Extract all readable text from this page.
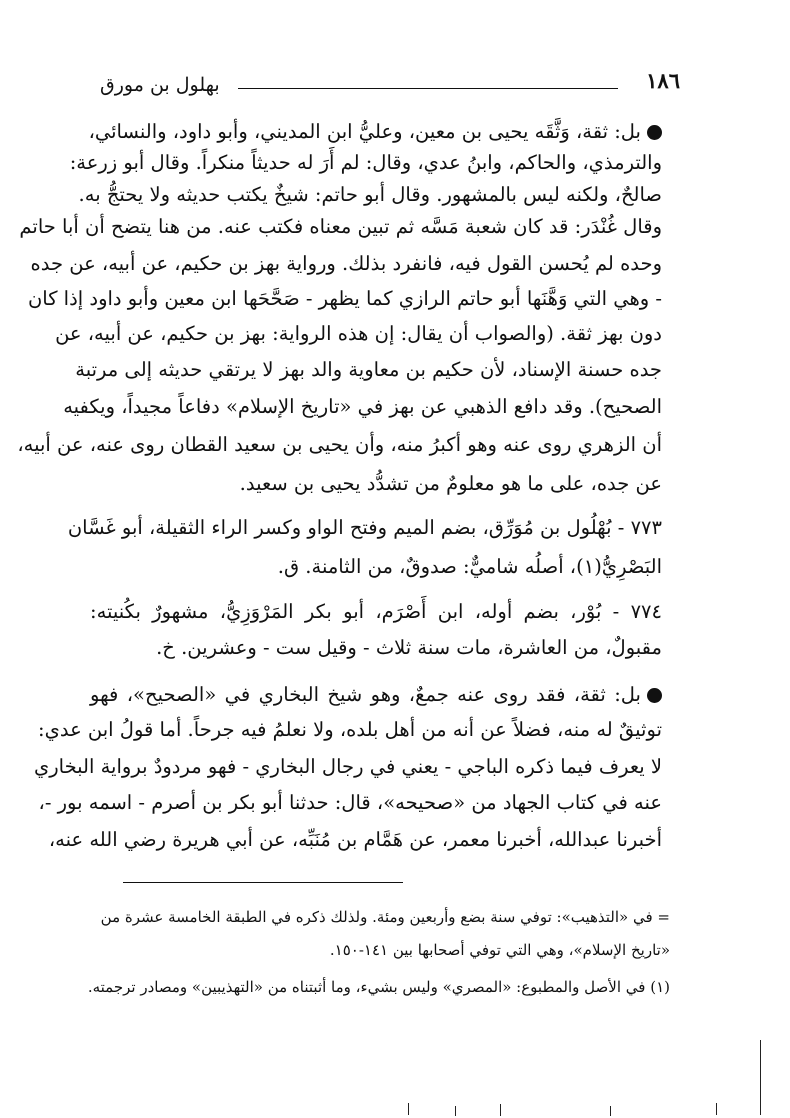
١٨٦
بهلول بن مورق
بل: ثقة، وَثَّقَه يحيى بن معين، وعليُّ ابن المديني، وأبو داود، والنسائي،
والترمذي، والحاكم، وابنُ عدي، وقال: لم أَرَ له حديثاً منكراً. وقال أبو زرعة:
صالحٌ، ولكنه ليس بالمشهور. وقال أبو حاتم: شيخٌ يكتب حديثه ولا يحتجُّ به.
وقال غُنْدَر: قد كان شعبة مَسَّه ثم تبين معناه فكتب عنه. من هنا يتضح أن أبا حاتم
وحده لم يُحسن القول فيه، فانفرد بذلك. ورواية بهز بن حكيم، عن أبيه، عن جده
- وهي التي وَهَّنَها أبو حاتم الرازي كما يظهر - صَحَّحَها ابن معين وأبو داود إذا كان
دون بهز ثقة. (والصواب أن يقال: إن هذه الرواية: بهز بن حكيم، عن أبيه، عن
جده حسنة الإسناد، لأن حكيم بن معاوية والد بهز لا يرتقي حديثه إلى مرتبة
الصحيح). وقد دافع الذهبي عن بهز في «تاريخ الإسلام» دفاعاً مجيداً، ويكفيه
أن الزهري روى عنه وهو أكبرُ منه، وأن يحيى بن سعيد القطان روى عنه، عن أبيه،
عن جده، على ما هو معلومٌ من تشدُّد يحيى بن سعيد.
٧٧٣ - بُهْلُول بن مُوَرِّق، بضم الميم وفتح الواو وكسر الراء الثقيلة، أبو غَسَّان
البَصْرِيُّ(١)، أصلُه شاميٌّ: صدوقٌ، من الثامنة. ق.
٧٧٤ - بُوْر، بضم أوله، ابن أَصْرَم، أبو بكر المَرْوَزِيُّ، مشهورٌ بكُنيته:
مقبولٌ، من العاشرة، مات سنة ثلاث - وقيل ست - وعشرين. خ.
بل: ثقة، فقد روى عنه جمعٌ، وهو شيخ البخاري في «الصحيح»، فهو
توثيقٌ له منه، فضلاً عن أنه من أهل بلده، ولا نعلمُ فيه جرحاً. أما قولُ ابن عدي:
لا يعرف فيما ذكره الباجي - يعني في رجال البخاري - فهو مردودٌ برواية البخاري
عنه في كتاب الجهاد من «صحيحه»، قال: حدثنا أبو بكر بن أصرم - اسمه بور -،
أخبرنا عبدالله، أخبرنا معمر، عن هَمَّام بن مُنَبِّه، عن أبي هريرة رضي الله عنه،
= في «التذهيب»: توفي سنة بضع وأربعين ومئة. ولذلك ذكره في الطبقة الخامسة عشرة من
«تاريخ الإسلام»، وهي التي توفي أصحابها بين ١٤١-١٥٠.
(١) في الأصل والمطبوع: «المصري» وليس بشيء، وما أثبتناه من «التهذيبين» ومصادر ترجمته.
